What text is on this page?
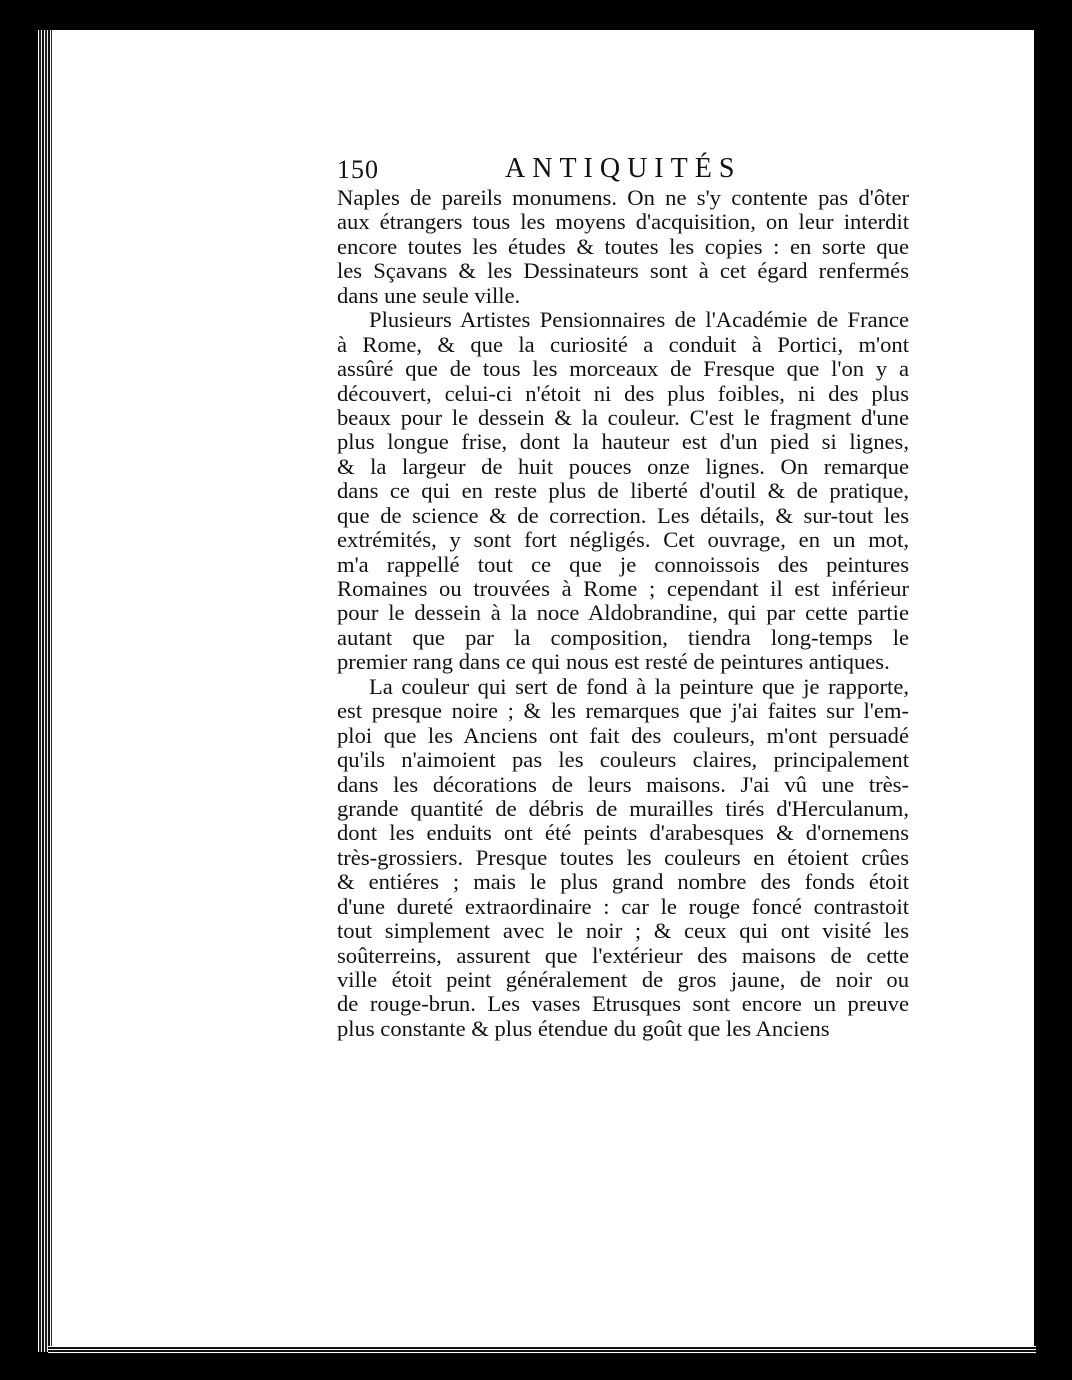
150	ANTIQUITÉS
Naples de pareils monumens. On ne s'y contente pas d'ôter
aux étrangers tous les moyens d'acquisition, on leur interdit
encore toutes les études & toutes les copies : en sorte que
les Sçavans & les Dessinateurs sont à cet égard renfermés
dans une seule ville.
Plusieurs Artistes Pensionnaires de l'Académie de France
à Rome, & que la curiosité a conduit à Portici, m'ont
assûré que de tous les morceaux de Fresque que l'on y a
découvert, celui-ci n'étoit ni des plus foibles, ni des plus
beaux pour le dessein & la couleur. C'est le fragment d'une
plus longue frise, dont la hauteur est d'un pied si lignes,
& la largeur de huit pouces onze lignes. On remarque
dans ce qui en reste plus de liberté d'outil & de pratique,
que de science & de correction. Les détails, & sur-tout les
extrémités, y sont fort négligés. Cet ouvrage, en un mot,
m'a rappellé tout ce que je connoissois des peintures
Romaines ou trouvées à Rome ; cependant il est inférieur
pour le dessein à la noce Aldobrandine, qui par cette partie
autant que par la composition, tiendra long-temps le
premier rang dans ce qui nous est resté de peintures antiques.
La couleur qui sert de fond à la peinture que je rapporte,
est presque noire ; & les remarques que j'ai faites sur l'em-
ploi que les Anciens ont fait des couleurs, m'ont persuadé
qu'ils n'aimoient pas les couleurs claires, principalement
dans les décorations de leurs maisons. J'ai vû une très-
grande quantité de débris de murailles tirés d'Herculanum,
dont les enduits ont été peints d'arabesques & d'ornemens
très-grossiers. Presque toutes les couleurs en étoient crûes
& entiéres ; mais le plus grand nombre des fonds étoit
d'une dureté extraordinaire : car le rouge foncé contrastoit
tout simplement avec le noir ; & ceux qui ont visité les
soûterreins, assurent que l'extérieur des maisons de cette
ville étoit peint généralement de gros jaune, de noir ou
de rouge-brun. Les vases Etrusques sont encore un preuve
plus constante & plus étendue du goût que les Anciens
